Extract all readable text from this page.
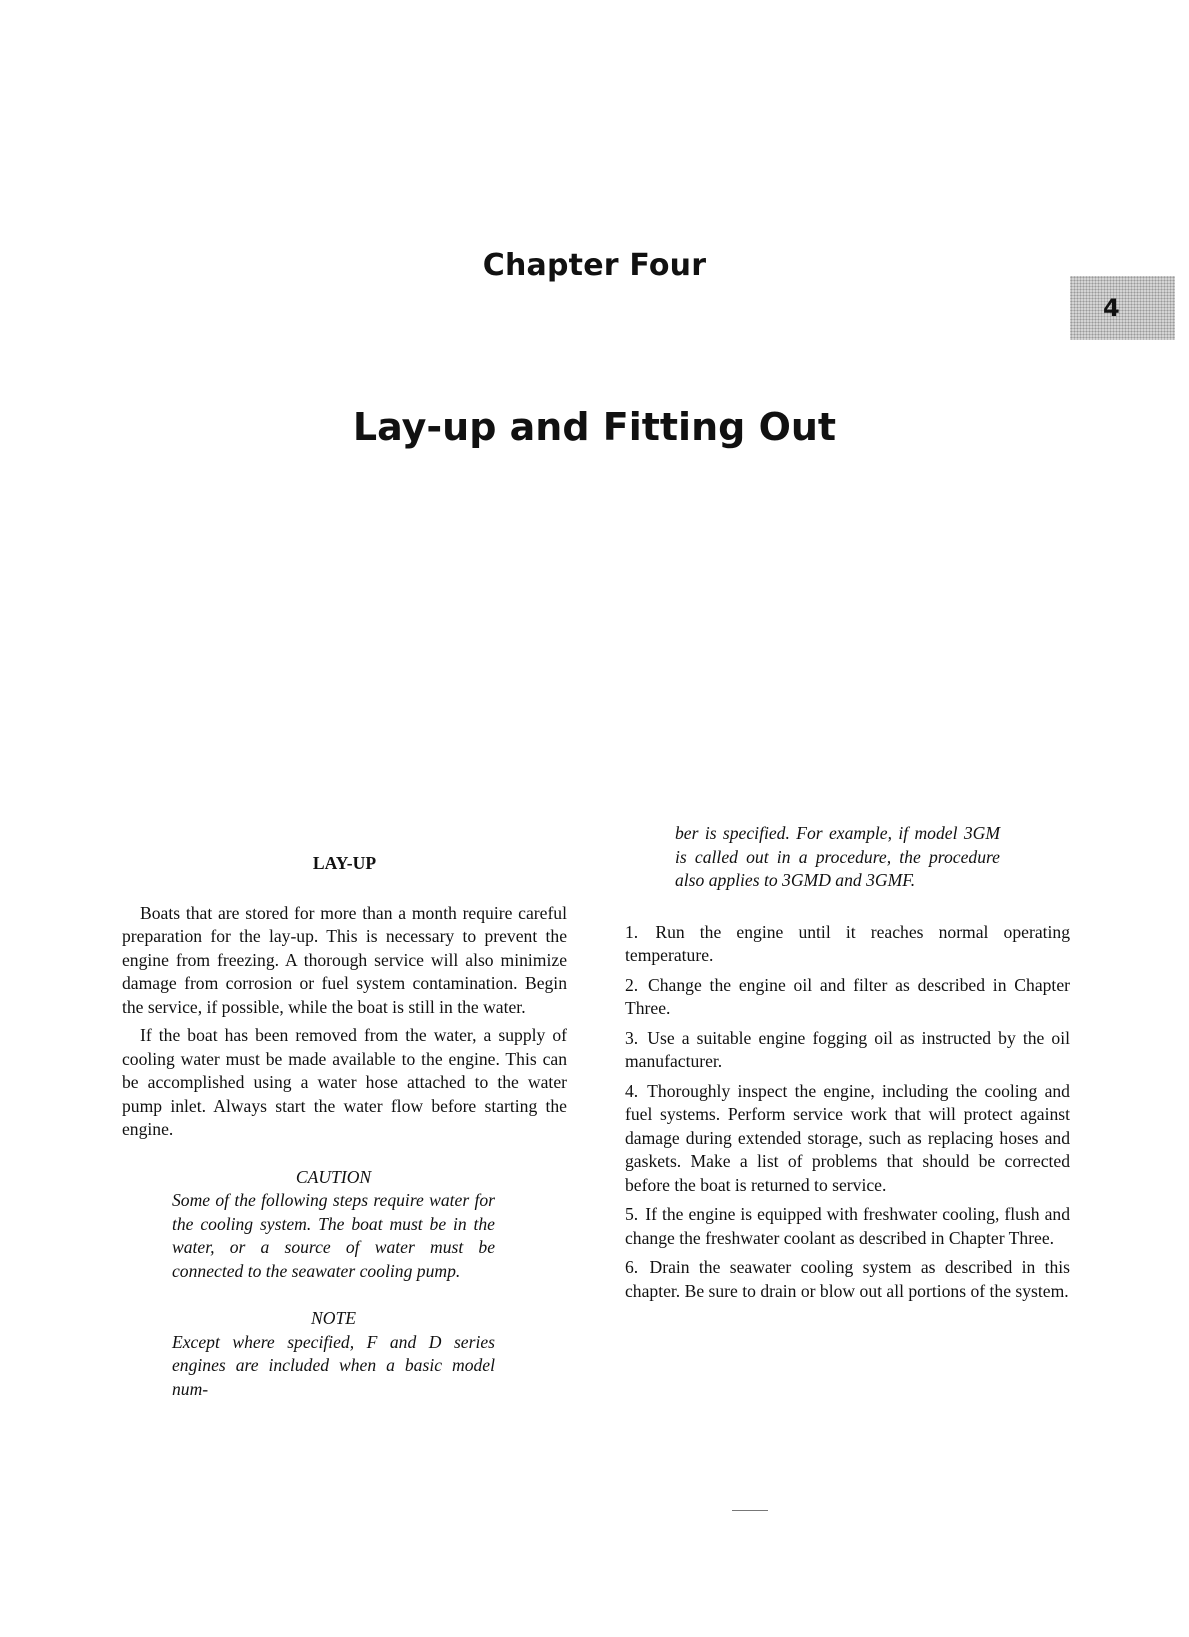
Chapter Four
4
Lay-up and Fitting Out

LAY-UP

Boats that are stored for more than a month require careful preparation for the lay-up. This is necessary to prevent the engine from freezing. A thorough service will also minimize damage from corrosion or fuel system contamination. Begin the service, if possible, while the boat is still in the water.

If the boat has been removed from the water, a supply of cooling water must be made available to the engine. This can be accomplished using a water hose attached to the water pump inlet. Always start the water flow before starting the engine.

CAUTION

Some of the following steps require water for the cooling system. The boat must be in the water, or a source of water must be connected to the seawater cooling pump.

NOTE

Except where specified, F and D series engines are included when a basic model num-

ber is specified. For example, if model 3GM is called out in a procedure, the procedure also applies to 3GMD and 3GMF.

1. Run the engine until it reaches normal operating temperature.
2. Change the engine oil and filter as described in Chapter Three.
3. Use a suitable engine fogging oil as instructed by the oil manufacturer.
4. Thoroughly inspect the engine, including the cooling and fuel systems. Perform service work that will protect against damage during extended storage, such as replacing hoses and gaskets. Make a list of problems that should be corrected before the boat is returned to service.
5. If the engine is equipped with freshwater cooling, flush and change the freshwater coolant as described in Chapter Three.
6. Drain the seawater cooling system as described in this chapter. Be sure to drain or blow out all portions of the system.
